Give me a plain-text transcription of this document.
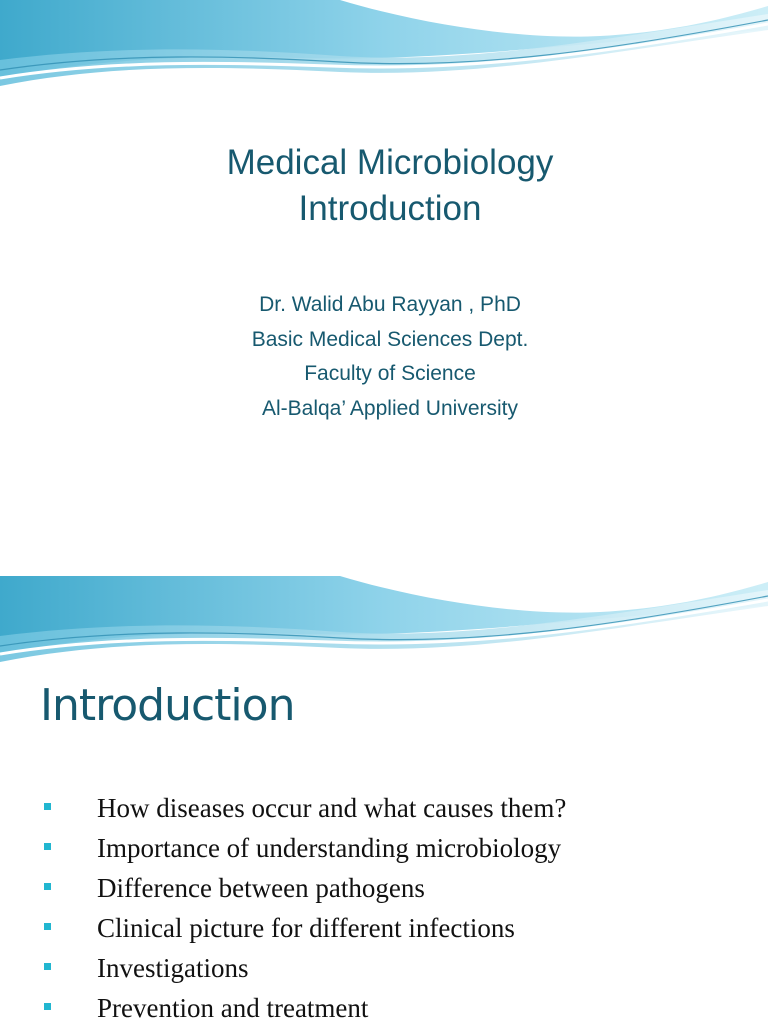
Medical Microbiology
Introduction
Dr. Walid Abu Rayyan , PhD
Basic Medical Sciences Dept.
Faculty of Science
Al-Balqa’ Applied University
Introduction
How diseases occur and what causes them?
Importance of understanding microbiology
Difference between pathogens
Clinical picture for different infections
Investigations
Prevention and treatment
